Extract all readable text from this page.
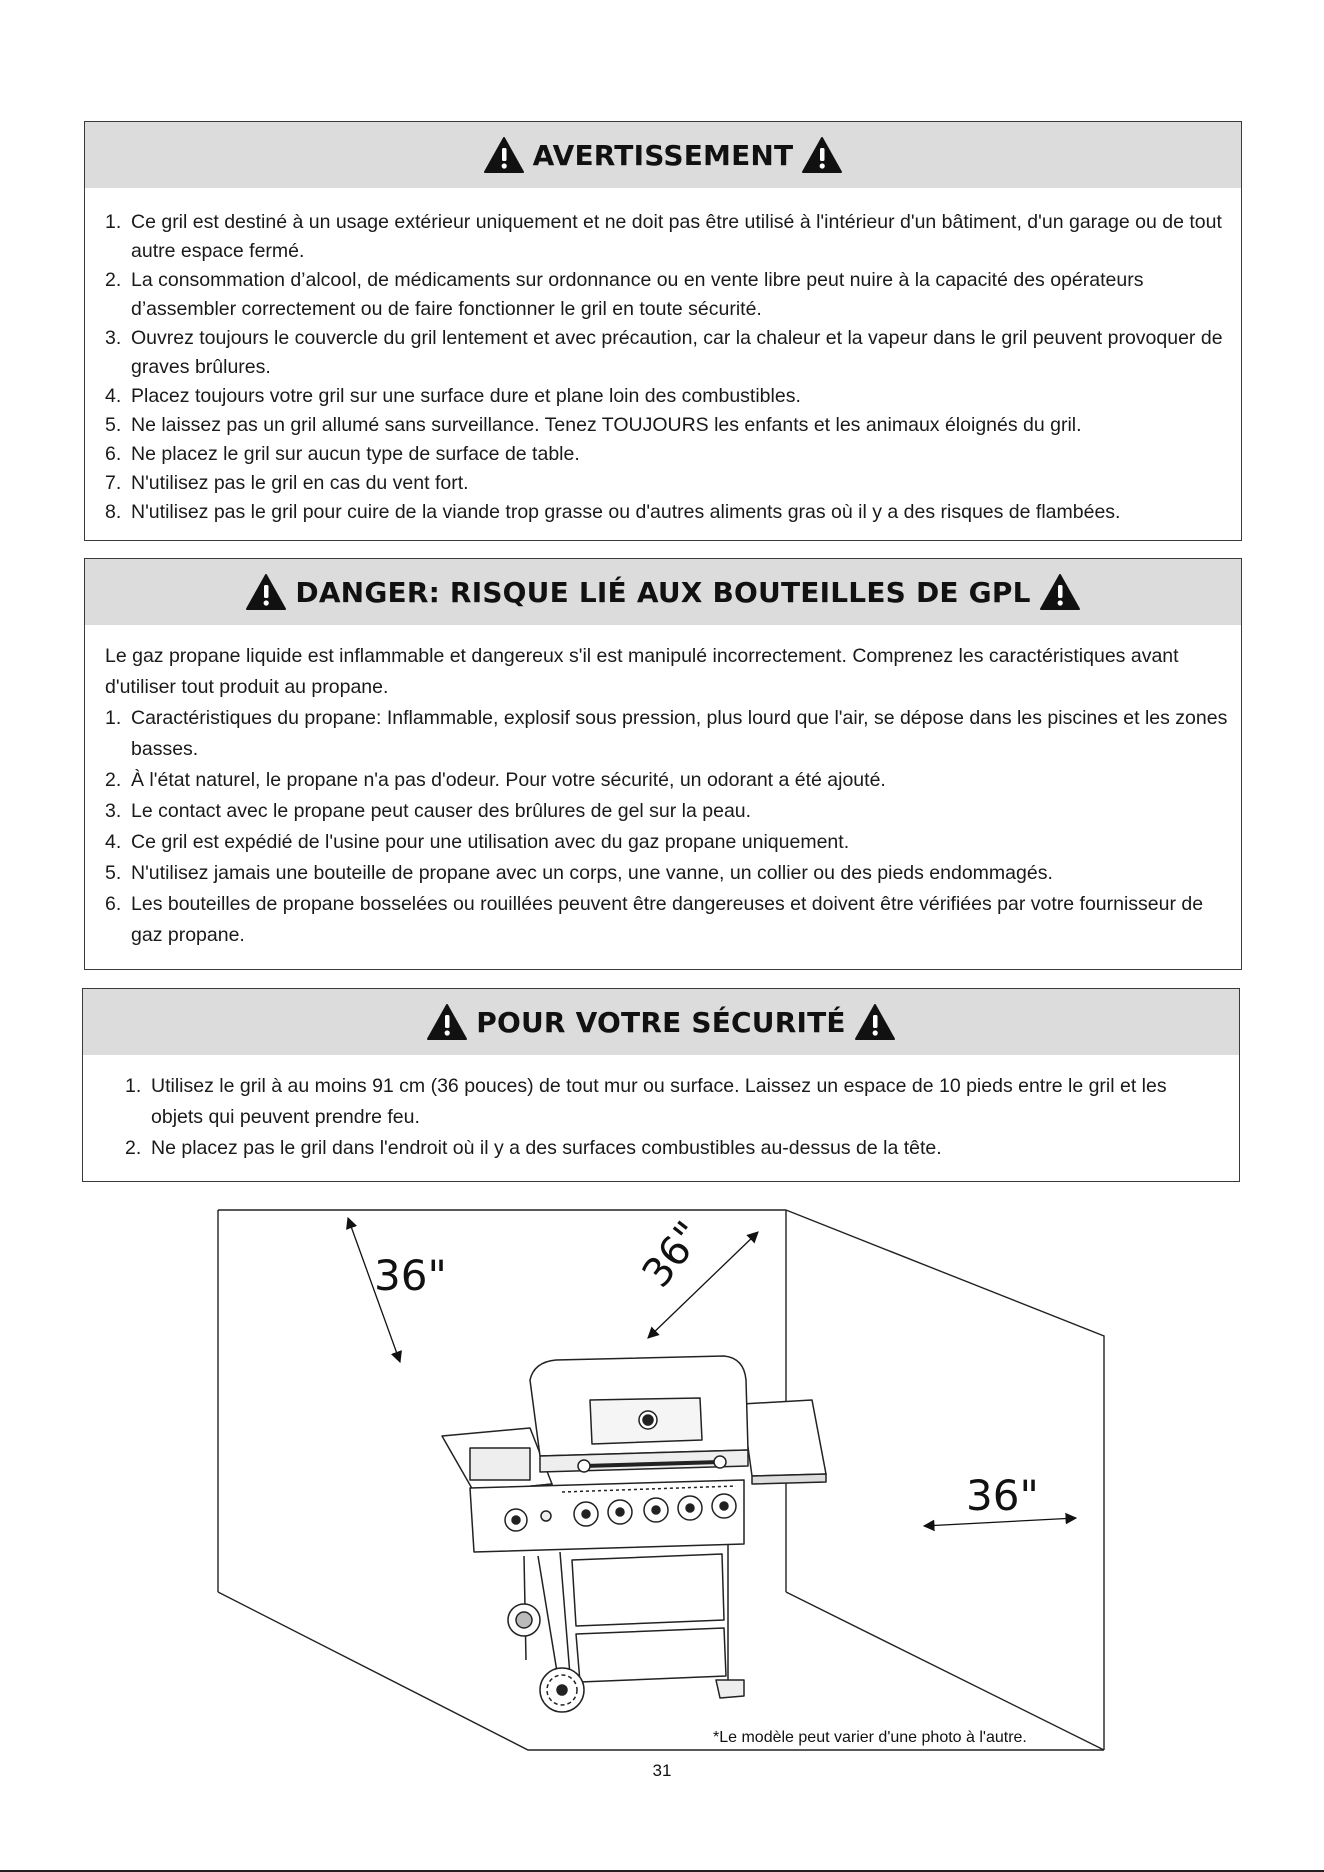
AVERTISSEMENT
1. Ce gril est destiné à un usage extérieur uniquement et ne doit pas être utilisé à l'intérieur d'un bâtiment, d'un garage ou de tout autre espace fermé.
2. La consommation d’alcool, de médicaments sur ordonnance ou en vente libre peut nuire à la capacité des opérateurs d’assembler correctement ou de faire fonctionner le gril en toute sécurité.
3. Ouvrez toujours le couvercle du gril lentement et avec précaution, car la chaleur et la vapeur dans le gril peuvent provoquer de graves brûlures.
4. Placez toujours votre gril sur une surface dure et plane loin des combustibles.
5. Ne laissez pas un gril allumé sans surveillance. Tenez TOUJOURS les enfants et les animaux éloignés du gril.
6. Ne placez le gril sur aucun type de surface de table.
7. N'utilisez pas le gril en cas du vent fort.
8. N'utilisez pas le gril pour cuire de la viande trop grasse ou d'autres aliments gras où il y a des risques de flambées.
DANGER: RISQUE LIÉ AUX BOUTEILLES DE GPL

Le gaz propane liquide est inflammable et dangereux s'il est manipulé incorrectement. Comprenez les caractéristiques avant d'utiliser tout produit au propane.

1. Caractéristiques du propane: Inflammable, explosif sous pression, plus lourd que l'air, se dépose dans les piscines et les zones basses.
2. À l'état naturel, le propane n'a pas d'odeur. Pour votre sécurité, un odorant a été ajouté.
3. Le contact avec le propane peut causer des brûlures de gel sur la peau.
4. Ce gril est expédié de l'usine pour une utilisation avec du gaz propane uniquement.
5. N'utilisez jamais une bouteille de propane avec un corps, une vanne, un collier ou des pieds endommagés.
6. Les bouteilles de propane bosselées ou rouillées peuvent être dangereuses et doivent être vérifiées par votre fournisseur de gaz propane.
POUR VOTRE SÉCURITÉ
1. Utilisez le gril à au moins 91 cm (36 pouces) de tout mur ou surface. Laissez un espace de 10 pieds entre le gril et les objets qui peuvent prendre feu.
2. Ne placez pas le gril dans l'endroit où il y a des surfaces combustibles au-dessus de la tête.
36"	36"
36"
*Le modèle peut varier d'une photo à l'autre.
31
